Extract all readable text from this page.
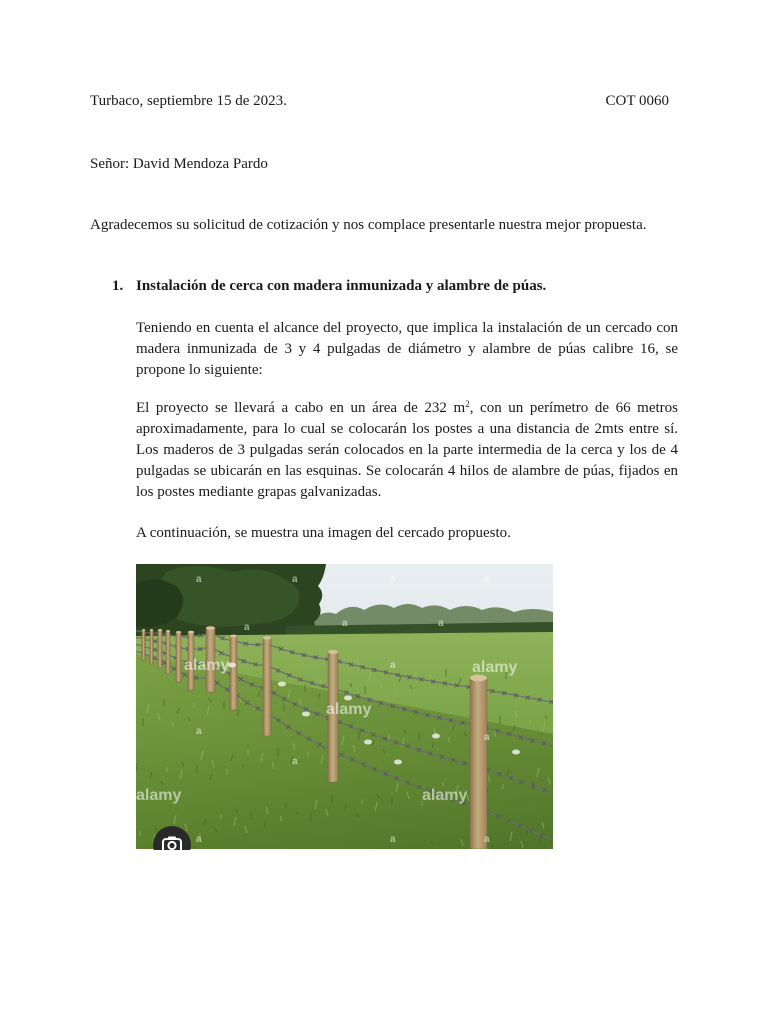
Turbaco, septiembre 15 de 2023.	COT 0060
Señor: David Mendoza Pardo
Agradecemos su solicitud de cotización y nos complace presentarle nuestra mejor propuesta.
1. Instalación de cerca con madera inmunizada y alambre de púas.

Teniendo en cuenta el alcance del proyecto, que implica la instalación de un cercado con madera inmunizada de 3 y 4 pulgadas de diámetro y alambre de púas calibre 16, se propone lo siguiente:

El proyecto se llevará a cabo en un área de 232 $m^2$, con un perímetro de 66 metros aproximadamente, para lo cual se colocarán los postes a una distancia de 2mts entre sí. Los maderos de 3 pulgadas serán colocados en la parte intermedia de la cerca y los de 4 pulgadas se ubicarán en las esquinas. Se colocarán 4 hilos de alambre de púas, fijados en los postes mediante grapas galvanizadas.

A continuación, se muestra una imagen del cercado propuesto.

alamy
alamy
alamy
alamy	alamy
a	a	a	a
a	a	a
a
a
a
a
a	a	a
